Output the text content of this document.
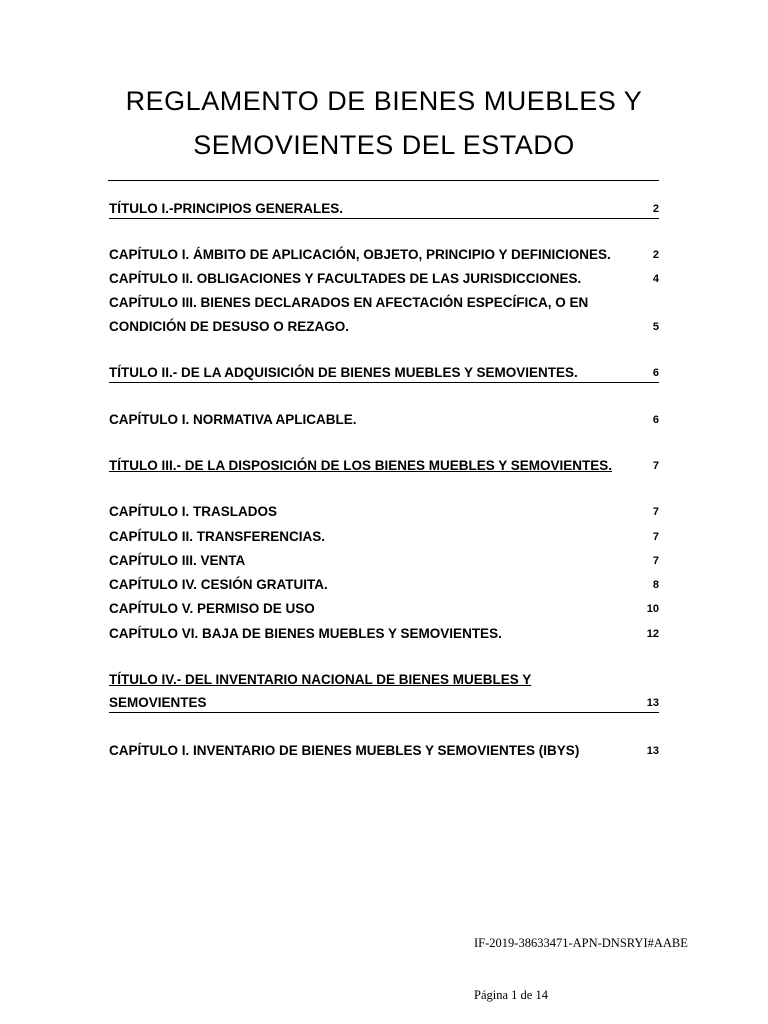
REGLAMENTO DE BIENES MUEBLES Y
SEMOVIENTES DEL ESTADO
TÍTULO I.-PRINCIPIOS GENERALES.	2
CAPÍTULO I. ÁMBITO DE APLICACIÓN, OBJETO, PRINCIPIO Y DEFINICIONES.	2
CAPÍTULO II. OBLIGACIONES Y FACULTADES DE LAS JURISDICCIONES.	4
CAPÍTULO III. BIENES DECLARADOS EN AFECTACIÓN ESPECÍFICA, O EN
CONDICIÓN DE DESUSO O REZAGO.	5
TÍTULO II.- DE LA ADQUISICIÓN DE BIENES MUEBLES Y SEMOVIENTES.	6
CAPÍTULO I. NORMATIVA APLICABLE.	6
TÍTULO III.- DE LA DISPOSICIÓN DE LOS BIENES MUEBLES Y SEMOVIENTES.	7
CAPÍTULO I. TRASLADOS	7
CAPÍTULO II. TRANSFERENCIAS.	7
CAPÍTULO III. VENTA	7
CAPÍTULO IV. CESIÓN GRATUITA.	8
CAPÍTULO V. PERMISO DE USO	10
CAPÍTULO VI. BAJA DE BIENES MUEBLES Y SEMOVIENTES.	12
TÍTULO IV.- DEL INVENTARIO NACIONAL DE BIENES MUEBLES Y
SEMOVIENTES	13
CAPÍTULO I. INVENTARIO DE BIENES MUEBLES Y SEMOVIENTES (IBYS)	13
IF-2019-38633471-APN-DNSRYI#AABE
Página 1 de 14
